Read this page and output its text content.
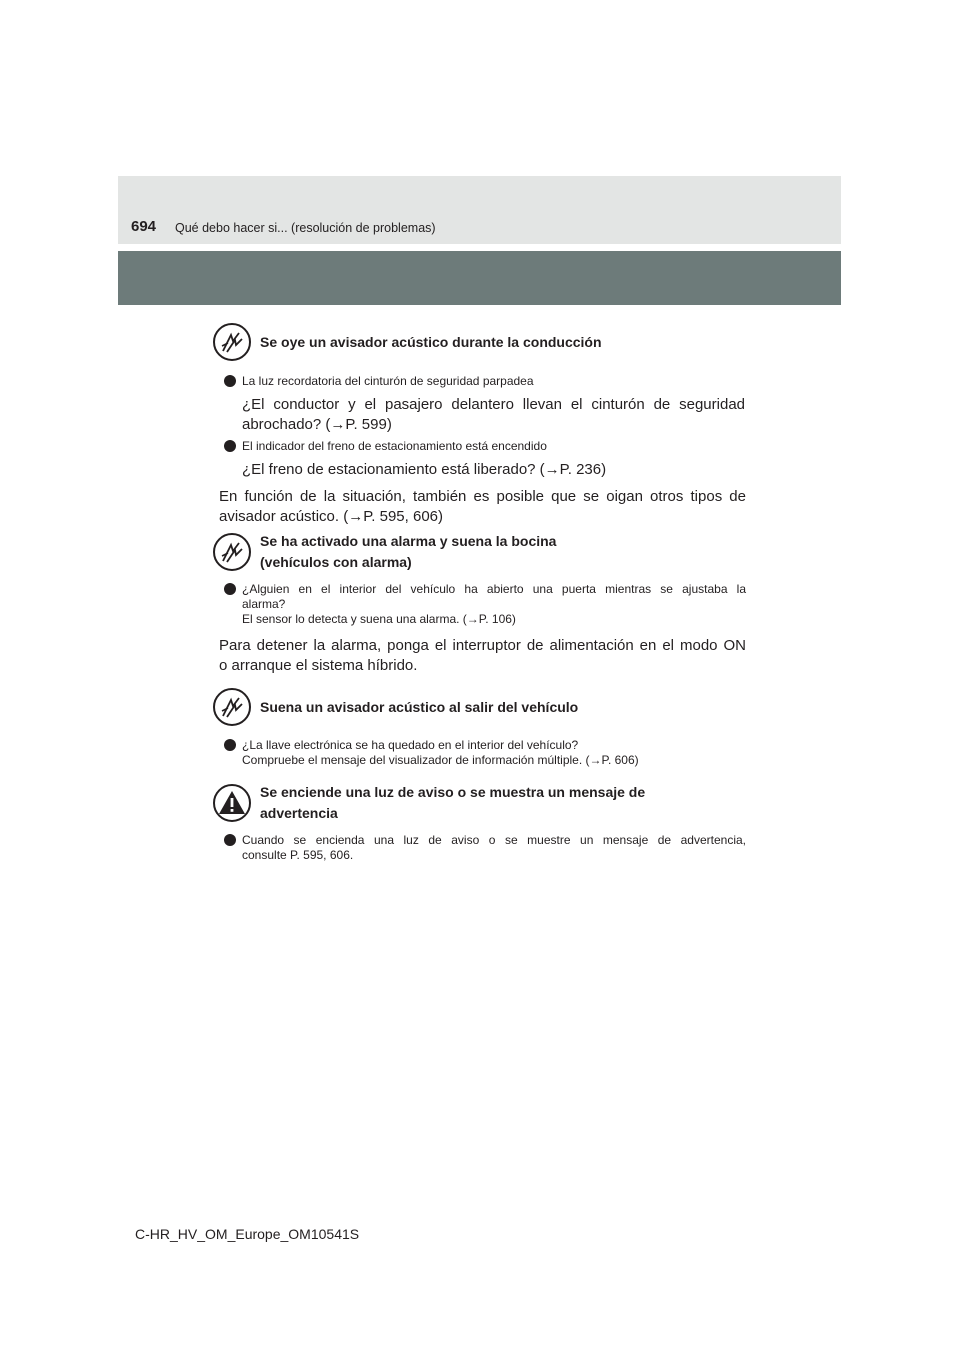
694 Qué debo hacer si... (resolución de problemas)
Se oye un avisador acústico durante la conducción
La luz recordatoria del cinturón de seguridad parpadea
¿El conductor y el pasajero delantero llevan el cinturón de seguridad
abrochado? (→P. 599)
El indicador del freno de estacionamiento está encendido
¿El freno de estacionamiento está liberado? (→P. 236)
En función de la situación, también es posible que se oigan otros tipos de
avisador acústico. (→P. 595, 606)
Se ha activado una alarma y suena la bocina
(vehículos con alarma)
¿Alguien en el interior del vehículo ha abierto una puerta mientras se ajustaba la
alarma?
El sensor lo detecta y suena una alarma. (→P. 106)
Para detener la alarma, ponga el interruptor de alimentación en el modo ON
o arranque el sistema híbrido.
Suena un avisador acústico al salir del vehículo
¿La llave electrónica se ha quedado en el interior del vehículo?
Compruebe el mensaje del visualizador de información múltiple. (→P. 606)
Se enciende una luz de aviso o se muestra un mensaje de
advertencia
Cuando se encienda una luz de aviso o se muestre un mensaje de advertencia,
consulte P. 595, 606.
C-HR_HV_OM_Europe_OM10541S
